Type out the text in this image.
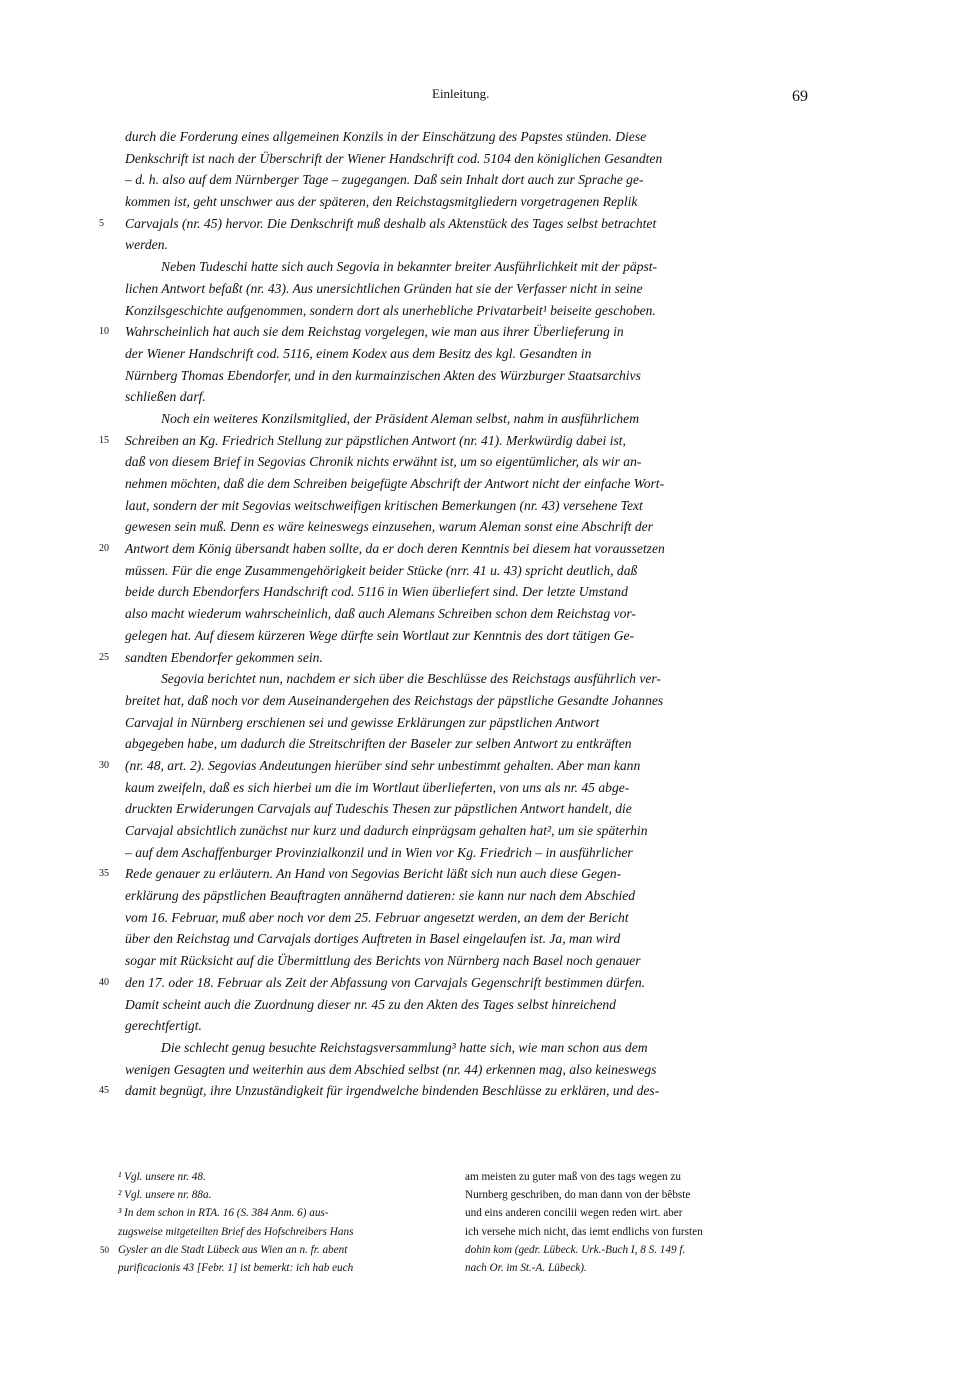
Einleitung.	69
durch die Forderung eines allgemeinen Konzils in der Einschätzung des Papstes stünden. Diese
Denkschrift ist nach der Überschrift der Wiener Handschrift cod. 5104 den königlichen Gesandten
– d. h. also auf dem Nürnberger Tage – zugegangen. Daß sein Inhalt dort auch zur Sprache ge-
kommen ist, geht unschwer aus der späteren, den Reichstagsmitgliedern vorgetragenen Replik
5 Carvajals (nr. 45) hervor. Die Denkschrift muß deshalb als Aktenstück des Tages selbst betrachtet
werden.
Neben Tudeschi hatte sich auch Segovia in bekannter breiter Ausführlichkeit mit der päpst-
lichen Antwort befaßt (nr. 43). Aus unersichtlichen Gründen hat sie der Verfasser nicht in seine
Konzilsgeschichte aufgenommen, sondern dort als unerhebliche Privatarbeit¹ beiseite geschoben.
10 Wahrscheinlich hat auch sie dem Reichstag vorgelegen, wie man aus ihrer Überlieferung in
der Wiener Handschrift cod. 5116, einem Kodex aus dem Besitz des kgl. Gesandten in
Nürnberg Thomas Ebendorfer, und in den kurmainzischen Akten des Würzburger Staatsarchivs
schließen darf.
Noch ein weiteres Konzilsmitglied, der Präsident Aleman selbst, nahm in ausführlichem
15 Schreiben an Kg. Friedrich Stellung zur päpstlichen Antwort (nr. 41). Merkwürdig dabei ist,
daß von diesem Brief in Segovias Chronik nichts erwähnt ist, um so eigentümlicher, als wir an-
nehmen möchten, daß die dem Schreiben beigefügte Abschrift der Antwort nicht der einfache Wort-
laut, sondern der mit Segovias weitschweifigen kritischen Bemerkungen (nr. 43) versehene Text
gewesen sein muß. Denn es wäre keineswegs einzusehen, warum Aleman sonst eine Abschrift der
20 Antwort dem König übersandt haben sollte, da er doch deren Kenntnis bei diesem hat voraussetzen
müssen. Für die enge Zusammengehörigkeit beider Stücke (nrr. 41 u. 43) spricht deutlich, daß
beide durch Ebendorfers Handschrift cod. 5116 in Wien überliefert sind. Der letzte Umstand
also macht wiederum wahrscheinlich, daß auch Alemans Schreiben schon dem Reichstag vor-
gelegen hat. Auf diesem kürzeren Wege dürfte sein Wortlaut zur Kenntnis des dort tätigen Ge-
25 sandten Ebendorfer gekommen sein.
Segovia berichtet nun, nachdem er sich über die Beschlüsse des Reichstags ausführlich ver-
breitet hat, daß noch vor dem Auseinandergehen des Reichstags der päpstliche Gesandte Johannes
Carvajal in Nürnberg erschienen sei und gewisse Erklärungen zur päpstlichen Antwort
abgegeben habe, um dadurch die Streitschriften der Baseler zur selben Antwort zu entkräften
30 (nr. 48, art. 2). Segovias Andeutungen hierüber sind sehr unbestimmt gehalten. Aber man kann
kaum zweifeln, daß es sich hierbei um die im Wortlaut überlieferten, von uns als nr. 45 abge-
druckten Erwiderungen Carvajals auf Tudeschis Thesen zur päpstlichen Antwort handelt, die
Carvajal absichtlich zunächst nur kurz und dadurch einprägsam gehalten hat², um sie späterhin
– auf dem Aschaffenburger Provinzialkonzil und in Wien vor Kg. Friedrich – in ausführlicher
35 Rede genauer zu erläutern. An Hand von Segovias Bericht läßt sich nun auch diese Gegen-
erklärung des päpstlichen Beauftragten annähernd datieren: sie kann nur nach dem Abschied
vom 16. Februar, muß aber noch vor dem 25. Februar angesetzt werden, an dem der Bericht
über den Reichstag und Carvajals dortiges Auftreten in Basel eingelaufen ist. Ja, man wird
sogar mit Rücksicht auf die Übermittlung des Berichts von Nürnberg nach Basel noch genauer
40 den 17. oder 18. Februar als Zeit der Abfassung von Carvajals Gegenschrift bestimmen dürfen.
Damit scheint auch die Zuordnung dieser nr. 45 zu den Akten des Tages selbst hinreichend
gerechtfertigt.
Die schlecht genug besuchte Reichstagsversammlung³ hatte sich, wie man schon aus dem
wenigen Gesagten und weiterhin aus dem Abschied selbst (nr. 44) erkennen mag, also keineswegs
45 damit begnügt, ihre Unzuständigkeit für irgendwelche bindenden Beschlüsse zu erklären, und des-
¹ Vgl. unsere nr. 48.
² Vgl. unsere nr. 88a.
³ In dem schon in RTA. 16 (S. 384 Anm. 6) aus-
zugsweise mitgeteilten Brief des Hofschreibers Hans
50 Gysler an die Stadt Lübeck aus Wien an n. fr. abent
purificacionis 43 [Febr. 1] ist bemerkt: ich hab euch
am meisten zu guter maß von des tags wegen zu
Nurnberg geschriben, do man dann von der bêbste
und eins anderen concilii wegen reden wirt. aber
ich versehe mich nicht, das iemt endlichs von fursten
dohin kom (gedr. Lübeck. Urk.-Buch I, 8 S. 149 f.
nach Or. im St.-A. Lübeck).
